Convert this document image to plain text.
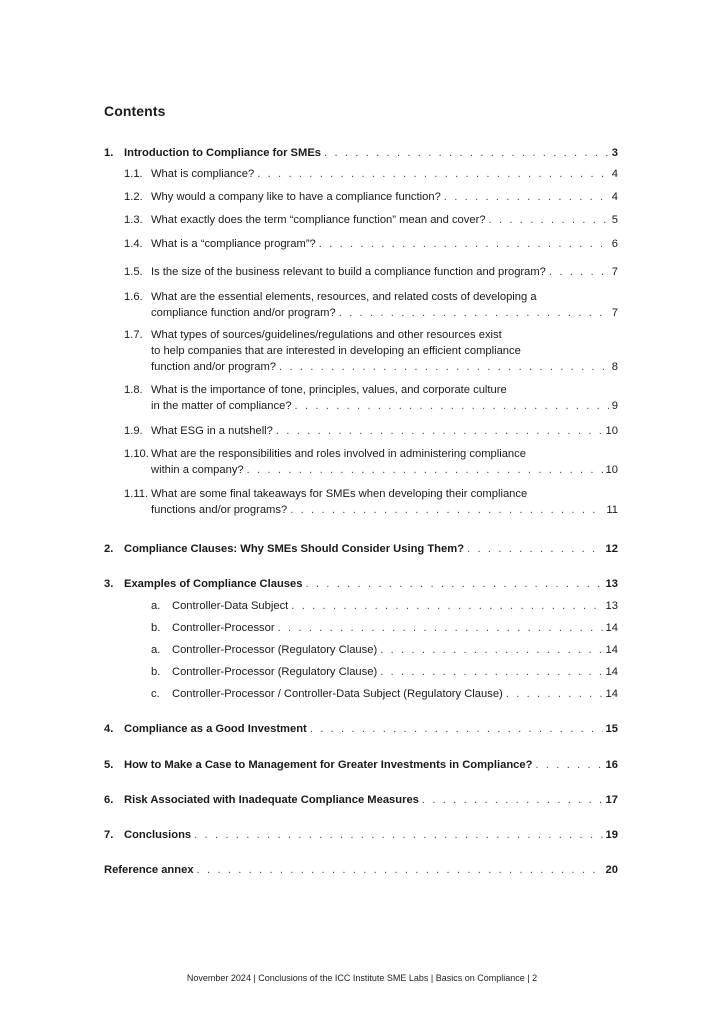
Contents
1. Introduction to Compliance for SMEs . . .	3
1.1. What is compliance? . . .	4
1.2. Why would a company like to have a compliance function? . . .	4
1.3. What exactly does the term “compliance function” mean and cover? . . .	5
1.4. What is a “compliance program”? . . .	6
1.5. Is the size of the business relevant to build a compliance function and program? . . .	7
1.6. What are the essential elements, resources, and related costs of developing a
compliance function and/or program? . . .	7
1.7. What types of sources/guidelines/regulations and other resources exist
to help companies that are interested in developing an efficient compliance
function and/or program? . . .	8
1.8. What is the importance of tone, principles, values, and corporate culture
in the matter of compliance? . . .	9
1.9. What ESG in a nutshell? . . .	10
1.10. What are the responsibilities and roles involved in administering compliance
within a company? . . .	10
1.11. What are some final takeaways for SMEs when developing their compliance
functions and/or programs? . . .	11
2. Compliance Clauses: Why SMEs Should Consider Using Them? . . .	12
3. Examples of Compliance Clauses . . .	13
a. Controller-Data Subject . . .	13
b. Controller-Processor . . .	14
a. Controller-Processor (Regulatory Clause) . . .	14
b. Controller-Processor (Regulatory Clause) . . .	14
c. Controller-Processor / Controller-Data Subject (Regulatory Clause) . . .	14
4. Compliance as a Good Investment . . .	15
5. How to Make a Case to Management for Greater Investments in Compliance? . . .	16
6. Risk Associated with Inadequate Compliance Measures . . .	17
7. Conclusions . . .	19
Reference annex . . .	20
November 2024 | Conclusions of the ICC Institute SME Labs | Basics on Compliance | 2
